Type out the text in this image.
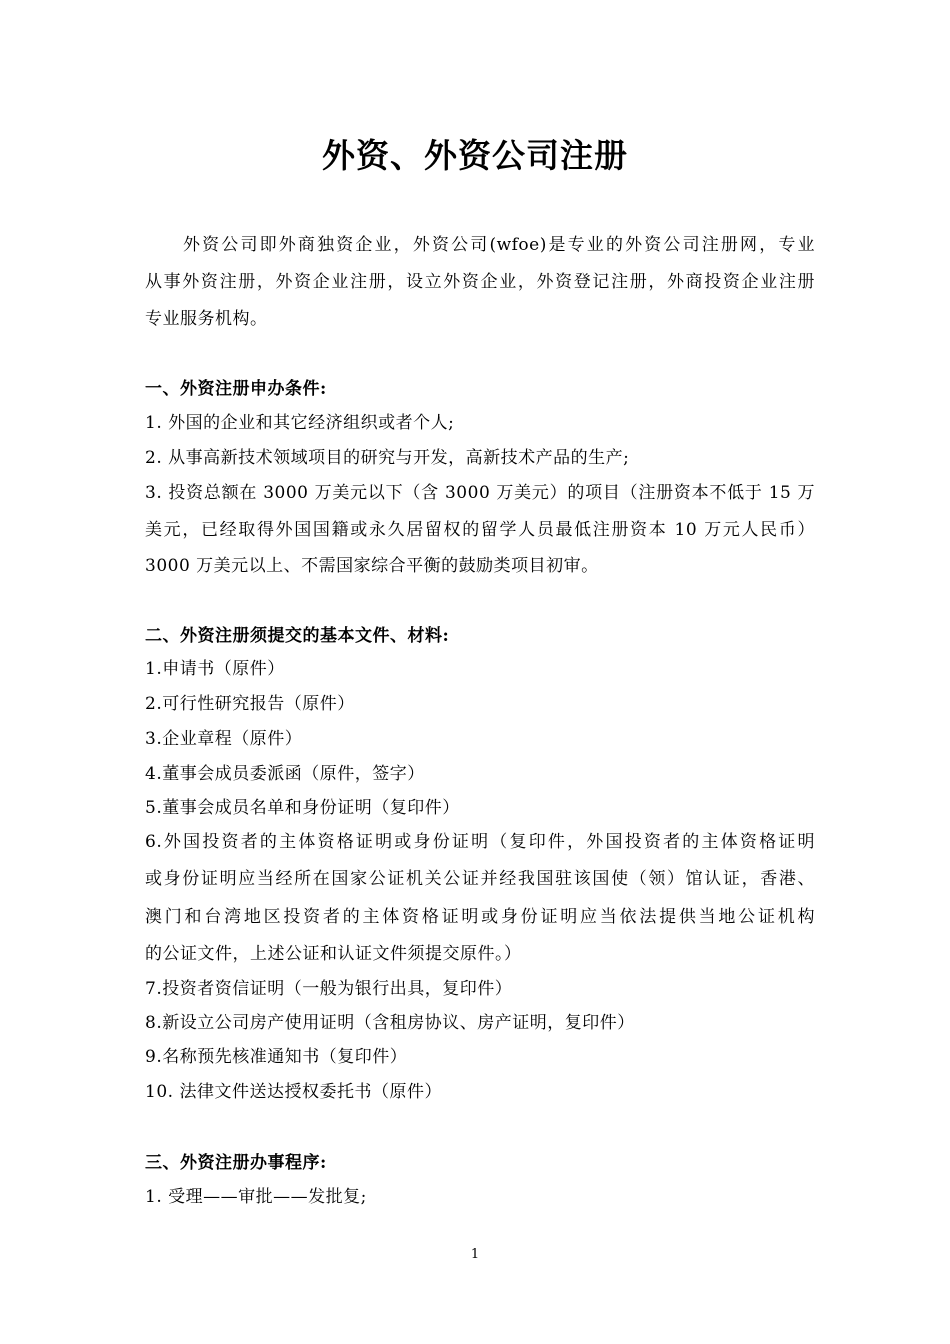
外资、外资公司注册
外资公司即外商独资企业，外资公司(wfoe)是专业的外资公司注册网，专业
从事外资注册，外资企业注册，设立外资企业，外资登记注册，外商投资企业注册
专业服务机构。
一、外资注册申办条件:
1. 外国的企业和其它经济组织或者个人;
2. 从事高新技术领域项目的研究与开发，高新技术产品的生产;
3. 投资总额在 3000 万美元以下（含 3000 万美元）的项目（注册资本不低于 15 万
美元，已经取得外国国籍或永久居留权的留学人员最低注册资本 10 万元人民币）
3000 万美元以上、不需国家综合平衡的鼓励类项目初审。
二、外资注册须提交的基本文件、材料:
1.申请书（原件）
2.可行性研究报告（原件）
3.企业章程（原件）
4.董事会成员委派函（原件，签字）
5.董事会成员名单和身份证明（复印件）
6.外国投资者的主体资格证明或身份证明（复印件，外国投资者的主体资格证明
或身份证明应当经所在国家公证机关公证并经我国驻该国使（领）馆认证，香港、
澳门和台湾地区投资者的主体资格证明或身份证明应当依法提供当地公证机构
的公证文件，上述公证和认证文件须提交原件。）
7.投资者资信证明（一般为银行出具，复印件）
8.新设立公司房产使用证明（含租房协议、房产证明，复印件）
9.名称预先核准通知书（复印件）
10. 法律文件送达授权委托书（原件）
三、外资注册办事程序:
1. 受理——审批——发批复;
1
